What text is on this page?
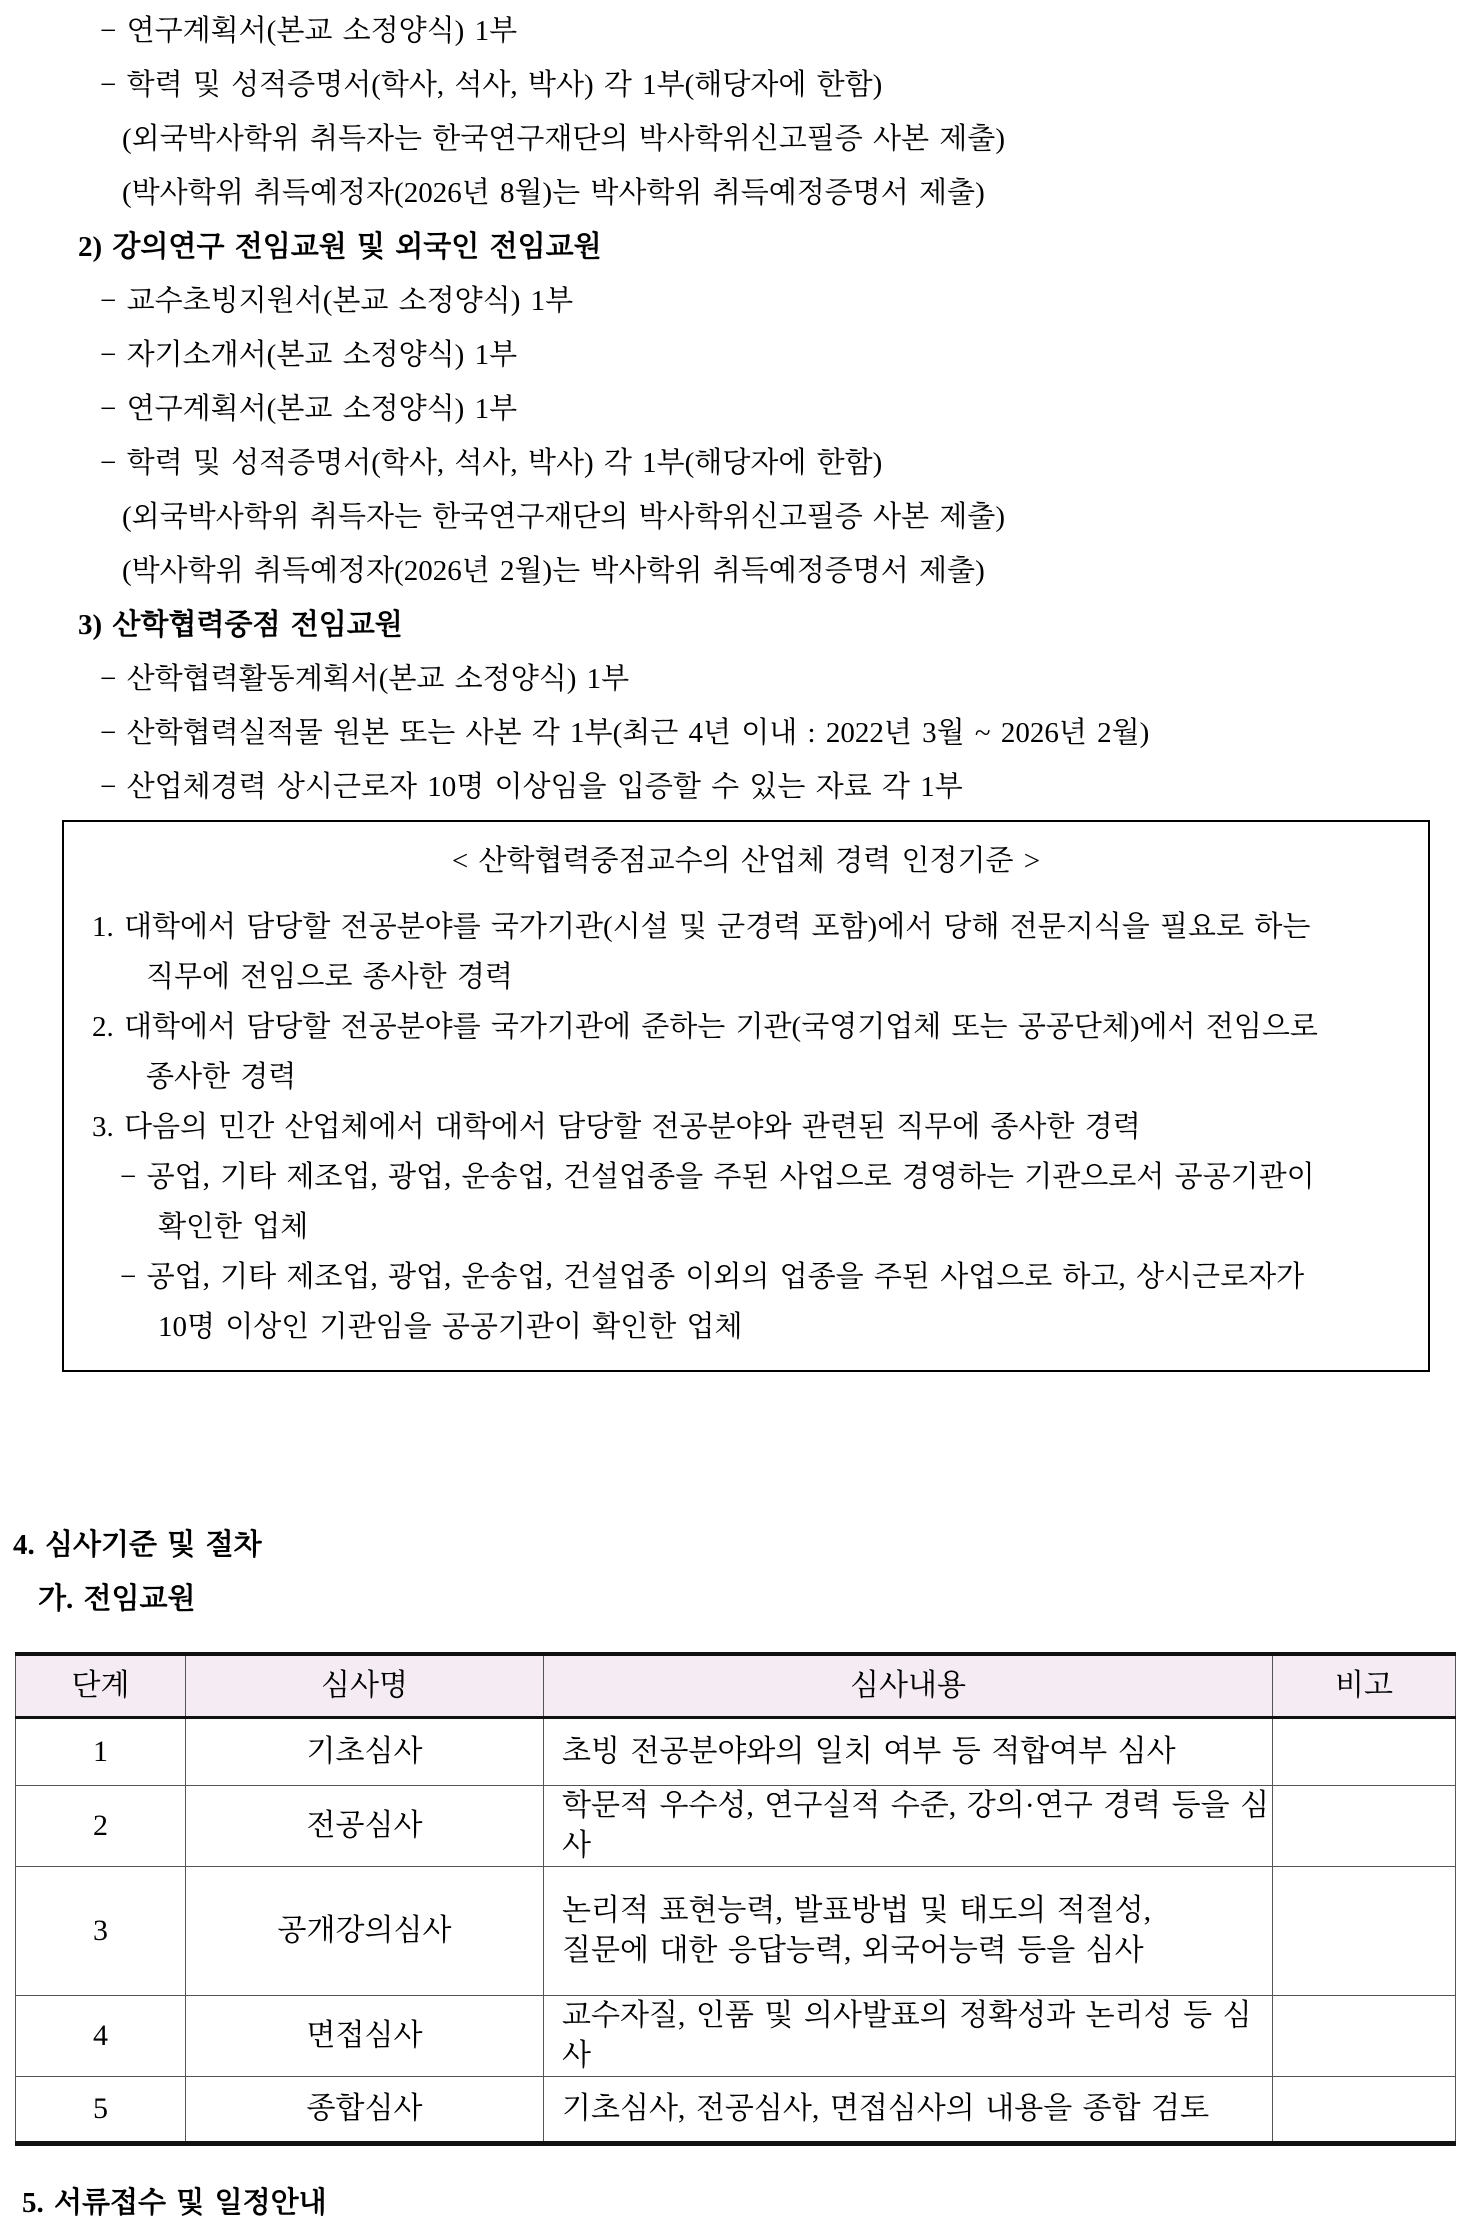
− 연구계획서(본교 소정양식) 1부
− 학력 및 성적증명서(학사, 석사, 박사) 각 1부(해당자에 한함)
(외국박사학위 취득자는 한국연구재단의 박사학위신고필증 사본 제출)
(박사학위 취득예정자(2026년 8월)는 박사학위 취득예정증명서 제출)
2) 강의연구 전임교원 및 외국인 전임교원
− 교수초빙지원서(본교 소정양식) 1부
− 자기소개서(본교 소정양식) 1부
− 연구계획서(본교 소정양식) 1부
− 학력 및 성적증명서(학사, 석사, 박사) 각 1부(해당자에 한함)
(외국박사학위 취득자는 한국연구재단의 박사학위신고필증 사본 제출)
(박사학위 취득예정자(2026년 2월)는 박사학위 취득예정증명서 제출)
3) 산학협력중점 전임교원
− 산학협력활동계획서(본교 소정양식) 1부
− 산학협력실적물 원본 또는 사본 각 1부(최근 4년 이내 : 2022년 3월 ~ 2026년 2월)
− 산업체경력 상시근로자 10명 이상임을 입증할 수 있는 자료 각 1부
< 산학협력중점교수의 산업체 경력 인정기준 >
1. 대학에서 담당할 전공분야를 국가기관(시설 및 군경력 포함)에서 당해 전문지식을 필요로 하는
직무에 전임으로 종사한 경력
2. 대학에서 담당할 전공분야를 국가기관에 준하는 기관(국영기업체 또는 공공단체)에서 전임으로
종사한 경력
3. 다음의 민간 산업체에서 대학에서 담당할 전공분야와 관련된 직무에 종사한 경력
− 공업, 기타 제조업, 광업, 운송업, 건설업종을 주된 사업으로 경영하는 기관으로서 공공기관이
확인한 업체
− 공업, 기타 제조업, 광업, 운송업, 건설업종 이외의 업종을 주된 사업으로 하고, 상시근로자가
10명 이상인 기관임을 공공기관이 확인한 업체
4. 심사기준 및 절차
가. 전임교원
단계	심사명	심사내용	비고
1	기초심사	초빙 전공분야와의 일치 여부 등 적합여부 심사	
2	전공심사	학문적 우수성, 연구실적 수준, 강의·연구 경력 등을 심사	
3	공개강의심사	논리적 표현능력, 발표방법 및 태도의 적절성,
질문에 대한 응답능력, 외국어능력 등을 심사	

4	면접심사	교수자질, 인품 및 의사발표의 정확성과 논리성 등 심사	
5	종합심사	기초심사, 전공심사, 면접심사의 내용을 종합 검토	
5. 서류접수 및 일정안내
